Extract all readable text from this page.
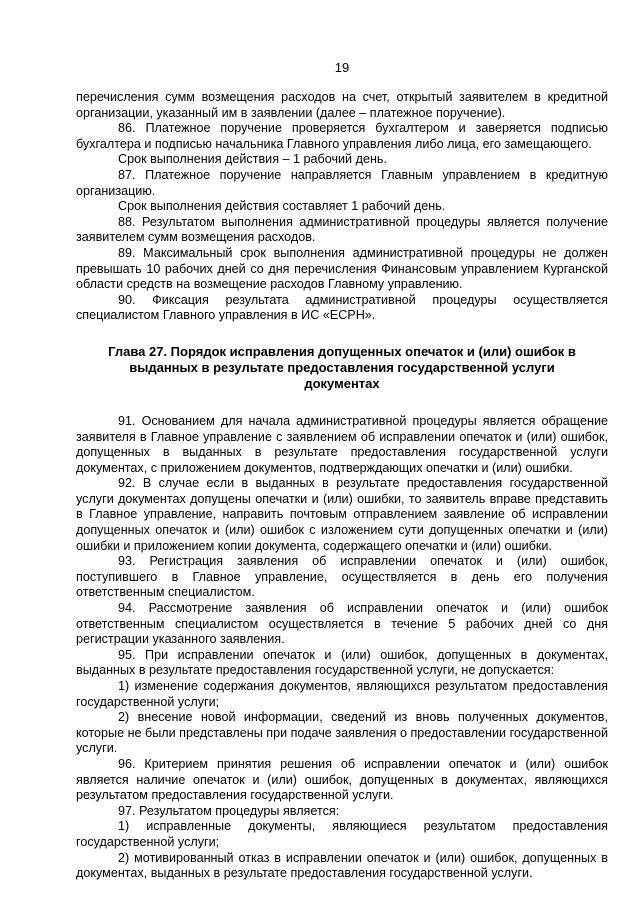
19

перечисления сумм возмещения расходов на счет, открытый заявителем в кредитной организации, указанный им в заявлении (далее – платежное поручение).

86. Платежное поручение проверяется бухгалтером и заверяется подписью бухгалтера и подписью начальника Главного управления либо лица, его замещающего.

Срок выполнения действия – 1 рабочий день.

87. Платежное поручение направляется Главным управлением в кредитную организацию.

Срок выполнения действия составляет 1 рабочий день.

88. Результатом выполнения административной процедуры является получение заявителем сумм возмещения расходов.

89. Максимальный срок выполнения административной процедуры не должен превышать 10 рабочих дней со дня перечисления Финансовым управлением Курганской области средств на возмещение расходов Главному управлению.

90. Фиксация результата административной процедуры осуществляется специалистом Главного управления в ИС «ЕСРН».

Глава 27. Порядок исправления допущенных опечаток и (или) ошибок в выданных в результате предоставления государственной услуги документах

91. Основанием для начала административной процедуры является обращение заявителя в Главное управление с заявлением об исправлении опечаток и (или) ошибок, допущенных в выданных в результате предоставления государственной услуги документах, с приложением документов, подтверждающих опечатки и (или) ошибки.

92. В случае если в выданных в результате предоставления государственной услуги документах допущены опечатки и (или) ошибки, то заявитель вправе представить в Главное управление, направить почтовым отправлением заявление об исправлении допущенных опечаток и (или) ошибок с изложением сути допущенных опечатки и (или) ошибки и приложением копии документа, содержащего опечатки и (или) ошибки.

93. Регистрация заявления об исправлении опечаток и (или) ошибок, поступившего в Главное управление, осуществляется в день его получения ответственным специалистом.

94. Рассмотрение заявления об исправлении опечаток и (или) ошибок ответственным специалистом осуществляется в течение 5 рабочих дней со дня регистрации указанного заявления.

95. При исправлении опечаток и (или) ошибок, допущенных в документах, выданных в результате предоставления государственной услуги, не допускается:

1) изменение содержания документов, являющихся результатом предоставления государственной услуги;

2) внесение новой информации, сведений из вновь полученных документов, которые не были представлены при подаче заявления о предоставлении государственной услуги.

96. Критерием принятия решения об исправлении опечаток и (или) ошибок является наличие опечаток и (или) ошибок, допущенных в документах, являющихся результатом предоставления государственной услуги.

97. Результатом процедуры является:

1) исправленные документы, являющиеся результатом предоставления государственной услуги;

2) мотивированный отказ в исправлении опечаток и (или) ошибок, допущенных в документах, выданных в результате предоставления государственной услуги.
